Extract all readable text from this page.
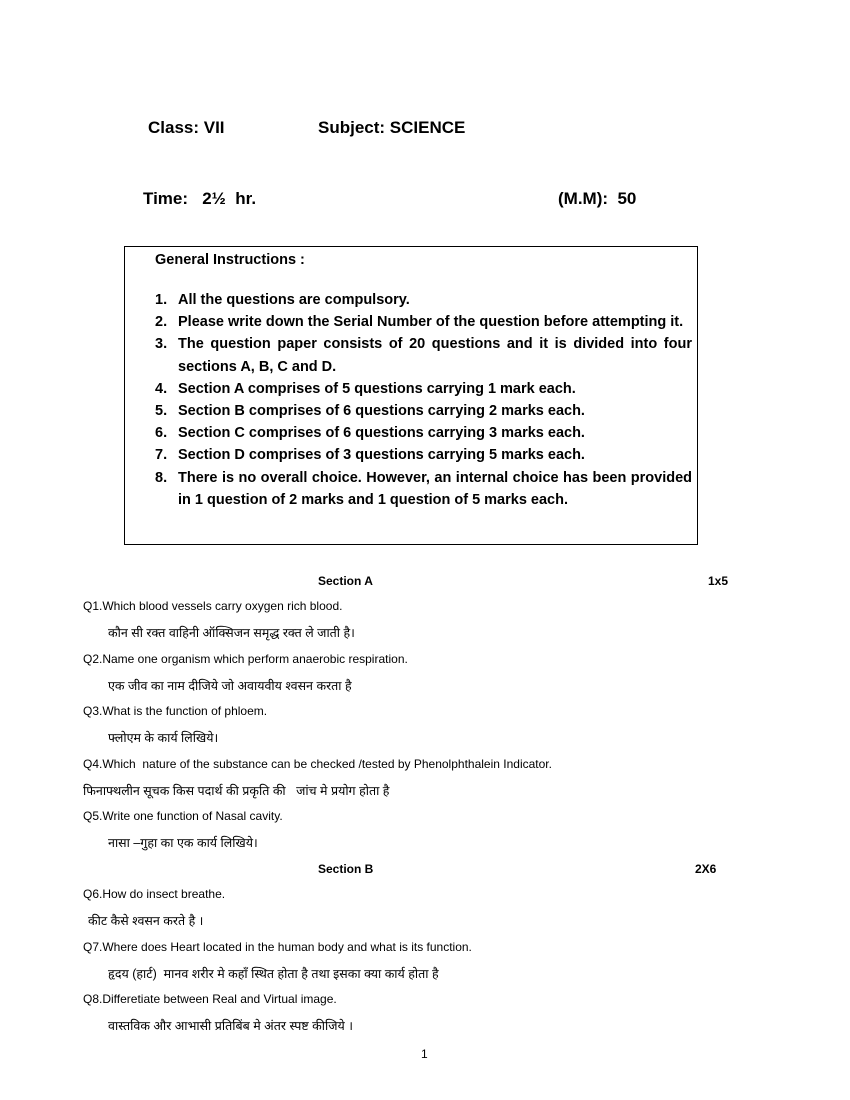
Class: VII	Subject: SCIENCE
Time:   2½  hr.	(M.M):  50
General Instructions :
1. All the questions are compulsory.
2. Please write down the Serial Number of the question before attempting it.
3. The question paper consists of 20 questions and it is divided into four sections A, B, C and D.
4. Section A comprises of 5 questions carrying 1 mark each.
5. Section B comprises of 6 questions carrying 2 marks each.
6. Section C comprises of 6 questions carrying 3 marks each.
7. Section D comprises of 3 questions carrying 5 marks each.
8. There is no overall choice. However, an internal choice has been provided in 1 question of 2 marks and 1 question of 5 marks each.
Section A	1x5
Q1.Which blood vessels carry oxygen rich blood.
कौन सी रक्त वाहिनी ऑक्सिजन समृद्ध रक्त ले जाती है।
Q2.Name one organism which perform anaerobic respiration.
एक जीव का नाम दीजिये जो अवायवीय श्वसन करता है
Q3.What is the function of phloem.
फ्लोएम के कार्य लिखिये।
Q4.Which  nature of the substance can be checked /tested by Phenolphthalein Indicator.
फिनाफ्थलीन सूचक किस पदार्थ की प्रकृति की   जांच मे प्रयोग होता है
Q5.Write one function of Nasal cavity.
नासा –गुहा का एक कार्य लिखिये।
Section B	2X6
Q6.How do insect breathe.
कीट कैसे श्वसन करते है ।
Q7.Where does Heart located in the human body and what is its function.
हृदय (हार्ट)  मानव शरीर मे कहाँ स्थित होता है तथा इसका क्या कार्य होता है
Q8.Differetiate between Real and Virtual image.
वास्तविक और आभासी प्रतिबिंब मे अंतर स्पष्ट कीजिये ।
1
